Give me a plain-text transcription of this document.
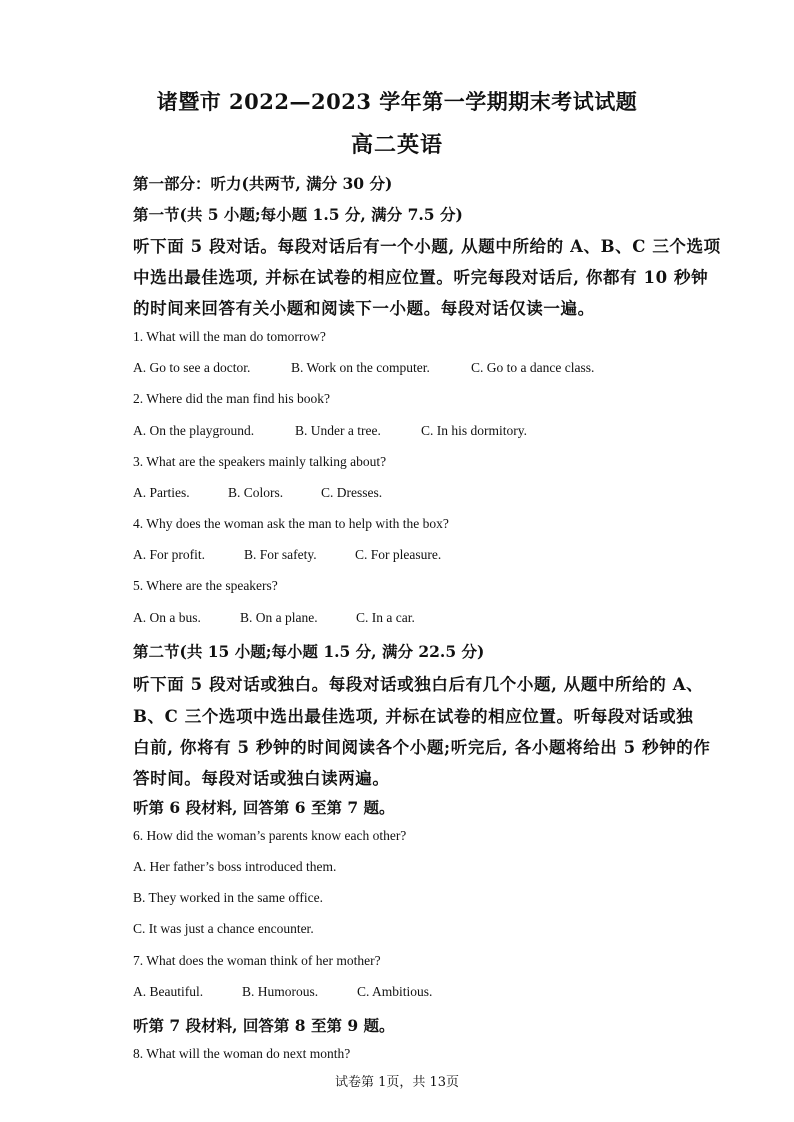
诸暨市 2022—2023 学年第一学期期末考试试题
高二英语
第一部分：听力(共两节, 满分 30 分)
第一节(共 5 小题;每小题 1.5 分, 满分 7.5 分)
听下面 5 段对话。每段对话后有一个小题, 从题中所给的 A、B、C 三个选项
中选出最佳选项, 并标在试卷的相应位置。听完每段对话后, 你都有 10 秒钟
的时间来回答有关小题和阅读下一小题。每段对话仅读一遍。
1. What will the man do tomorrow?
A. Go to see a doctor.	B. Work on the computer.	C. Go to a dance class.
2. Where did the man find his book?
A. On the playground.	B. Under a tree.	C. In his dormitory.
3. What are the speakers mainly talking about?
A. Parties.	B. Colors.	C. Dresses.
4. Why does the woman ask the man to help with the box?
A. For profit.	B. For safety.	C. For pleasure.
5. Where are the speakers?
A. On a bus.	B. On a plane.	C. In a car.
第二节(共 15 小题;每小题 1.5 分, 满分 22.5 分)
听下面 5 段对话或独白。每段对话或独白后有几个小题, 从题中所给的 A、
B、C 三个选项中选出最佳选项, 并标在试卷的相应位置。听每段对话或独
白前, 你将有 5 秒钟的时间阅读各个小题;听完后, 各小题将给出 5 秒钟的作
答时间。每段对话或独白读两遍。
听第 6 段材料, 回答第 6 至第 7 题。
6. How did the woman’s parents know each other?
A. Her father’s boss introduced them.
B. They worked in the same office.
C. It was just a chance encounter.
7. What does the woman think of her mother?
A. Beautiful.	B. Humorous.	C. Ambitious.
听第 7 段材料, 回答第 8 至第 9 题。
8. What will the woman do next month?
试卷第 1页，共 13页
